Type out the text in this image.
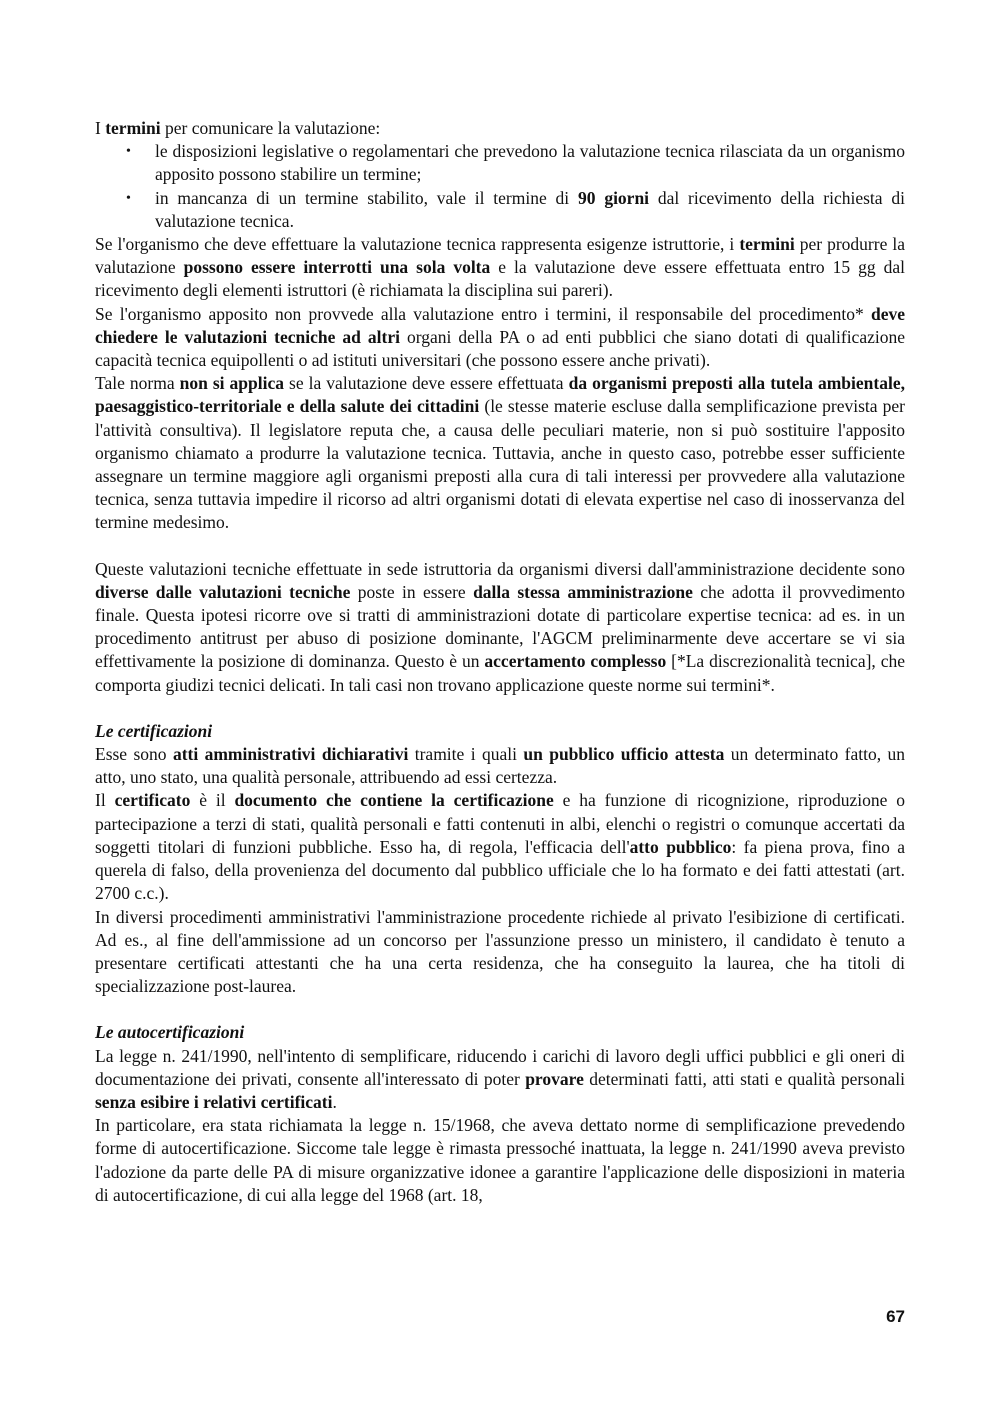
I termini per comunicare la valutazione:

• le disposizioni legislative o regolamentari che prevedono la valutazione tecnica rilasciata da un organismo apposito possono stabilire un termine;
• in mancanza di un termine stabilito, vale il termine di 90 giorni dal ricevimento della richiesta di valutazione tecnica.

Se l'organismo che deve effettuare la valutazione tecnica rappresenta esigenze istruttorie, i termini per produrre la valutazione possono essere interrotti una sola volta e la valutazione deve essere effettuata entro 15 gg dal ricevimento degli elementi istruttori (è richiamata la disciplina sui pareri).

Se l'organismo apposito non provvede alla valutazione entro i termini, il responsabile del procedimento* deve chiedere le valutazioni tecniche ad altri organi della PA o ad enti pubblici che siano dotati di qualificazione capacità tecnica equipollenti o ad istituti universitari (che possono essere anche privati).

Tale norma non si applica se la valutazione deve essere effettuata da organismi preposti alla tutela ambientale, paesaggistico-territoriale e della salute dei cittadini (le stesse materie escluse dalla semplificazione prevista per l'attività consultiva). Il legislatore reputa che, a causa delle peculiari materie, non si può sostituire l'apposito organismo chiamato a produrre la valutazione tecnica. Tuttavia, anche in questo caso, potrebbe esser sufficiente assegnare un termine maggiore agli organismi preposti alla cura di tali interessi per provvedere alla valutazione tecnica, senza tuttavia impedire il ricorso ad altri organismi dotati di elevata expertise nel caso di inosservanza del termine medesimo.

Queste valutazioni tecniche effettuate in sede istruttoria da organismi diversi dall'amministrazione decidente sono diverse dalle valutazioni tecniche poste in essere dalla stessa amministrazione che adotta il provvedimento finale. Questa ipotesi ricorre ove si tratti di amministrazioni dotate di particolare expertise tecnica: ad es. in un procedimento antitrust per abuso di posizione dominante, l'AGCM preliminarmente deve accertare se vi sia effettivamente la posizione di dominanza. Questo è un accertamento complesso [*La discrezionalità tecnica], che comporta giudizi tecnici delicati. In tali casi non trovano applicazione queste norme sui termini*.

Le certificazioni

Esse sono atti amministrativi dichiarativi tramite i quali un pubblico ufficio attesta un determinato fatto, un atto, uno stato, una qualità personale, attribuendo ad essi certezza.

Il certificato è il documento che contiene la certificazione e ha funzione di ricognizione, riproduzione o partecipazione a terzi di stati, qualità personali e fatti contenuti in albi, elenchi o registri o comunque accertati da soggetti titolari di funzioni pubbliche. Esso ha, di regola, l'efficacia dell'atto pubblico: fa piena prova, fino a querela di falso, della provenienza del documento dal pubblico ufficiale che lo ha formato e dei fatti attestati (art. 2700 c.c.).

In diversi procedimenti amministrativi l'amministrazione procedente richiede al privato l'esibizione di certificati. Ad es., al fine dell'ammissione ad un concorso per l'assunzione presso un ministero, il candidato è tenuto a presentare certificati attestanti che ha una certa residenza, che ha conseguito la laurea, che ha titoli di specializzazione post-laurea.

Le autocertificazioni

La legge n. 241/1990, nell'intento di semplificare, riducendo i carichi di lavoro degli uffici pubblici e gli oneri di documentazione dei privati, consente all'interessato di poter provare determinati fatti, atti stati e qualità personali senza esibire i relativi certificati.

In particolare, era stata richiamata la legge n. 15/1968, che aveva dettato norme di semplificazione prevedendo forme di autocertificazione. Siccome tale legge è rimasta pressoché inattuata, la legge n. 241/1990 aveva previsto l'adozione da parte delle PA di misure organizzative idonee a garantire l'applicazione delle disposizioni in materia di autocertificazione, di cui alla legge del 1968 (art. 18,

67
